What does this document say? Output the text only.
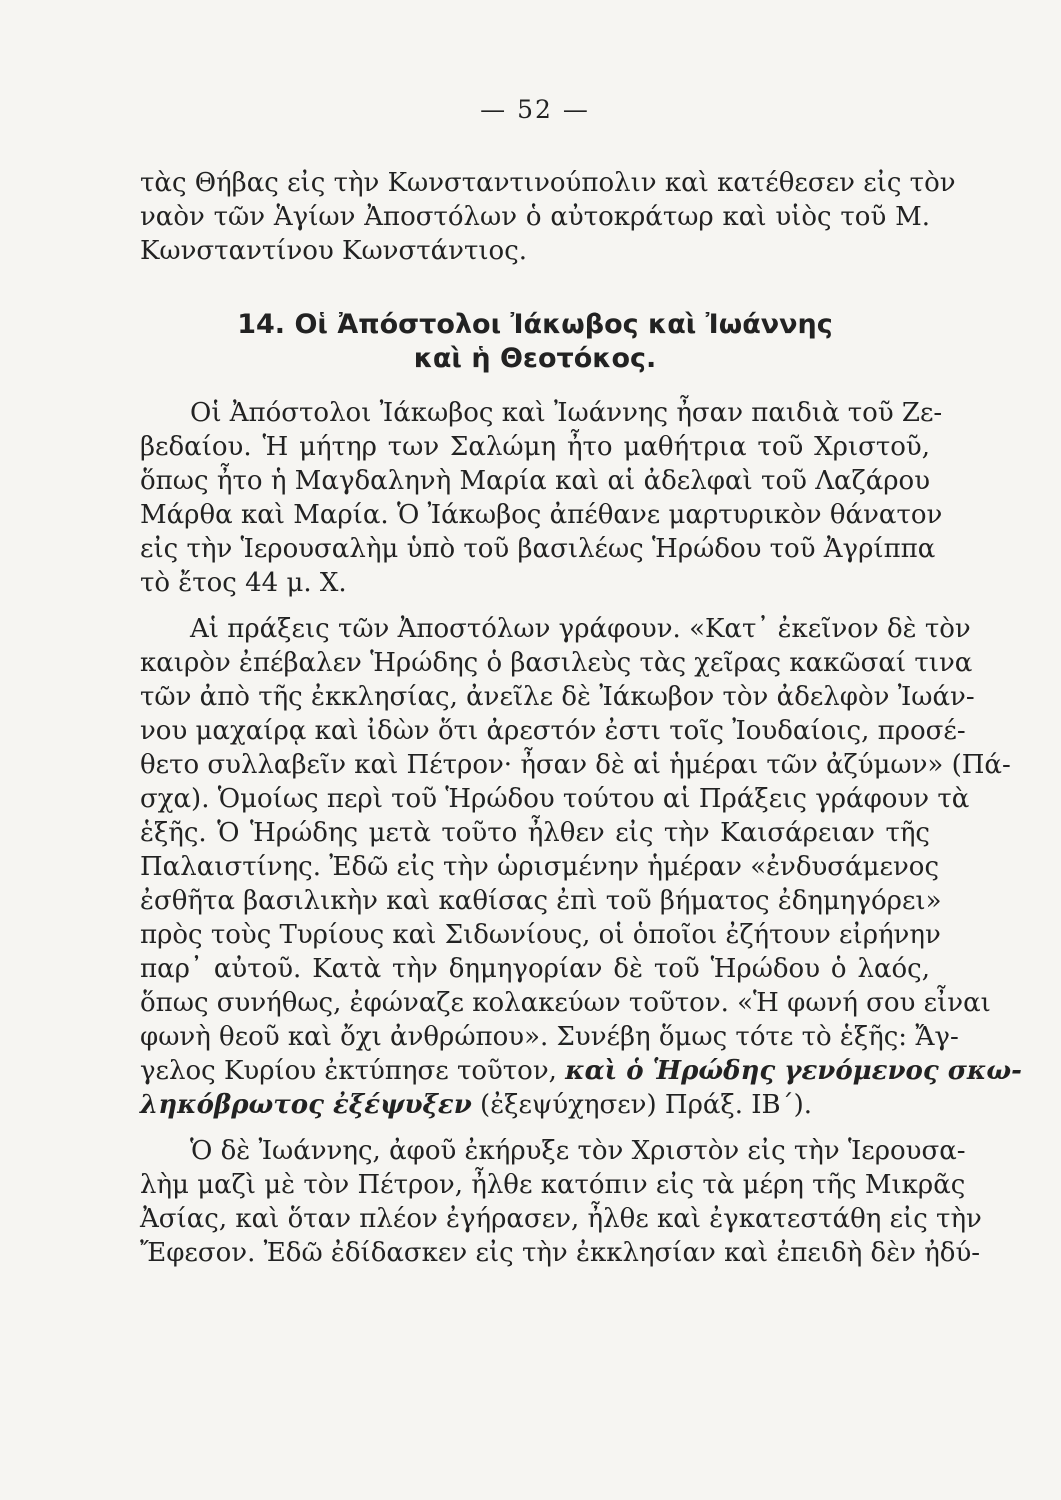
— 52 —
τὰς Θήβας εἰς τὴν Κωνσταντινούπολιν καὶ κατέθεσεν εἰς τὸν
ναὸν τῶν Ἁγίων Ἀποστόλων ὁ αὐτοκράτωρ καὶ υἱὸς τοῦ Μ.
Κωνσταντίνου Κωνστάντιος.
14. Οἱ Ἀπόστολοι Ἰάκωβος καὶ Ἰωάννης
καὶ ἡ Θεοτόκος.
Οἱ Ἀπόστολοι Ἰάκωβος καὶ Ἰωάννης ἦσαν παιδιὰ τοῦ Ζε-
βεδαίου. Ἡ μήτηρ των Σαλώμη ἦτο μαθήτρια τοῦ Χριστοῦ,
ὅπως ἦτο ἡ Μαγδαληνὴ Μαρία καὶ αἱ ἀδελφαὶ τοῦ Λαζάρου
Μάρθα καὶ Μαρία. Ὁ Ἰάκωβος ἀπέθανε μαρτυρικὸν θάνατον
εἰς τὴν Ἱερουσαλὴμ ὑπὸ τοῦ βασιλέως Ἡρώδου τοῦ Ἀγρίππα
τὸ ἔτος 44 μ. Χ.
Αἱ πράξεις τῶν Ἀποστόλων γράφουν. «Κατ᾽ ἐκεῖνον δὲ τὸν
καιρὸν ἐπέβαλεν Ἡρώδης ὁ βασιλεὺς τὰς χεῖρας κακῶσαί τινα
τῶν ἀπὸ τῆς ἐκκλησίας, ἀνεῖλε δὲ Ἰάκωβον τὸν ἀδελφὸν Ἰωάν-
νου μαχαίρᾳ καὶ ἰδὼν ὅτι ἀρεστόν ἐστι τοῖς Ἰουδαίοις, προσέ-
θετο συλλαβεῖν καὶ Πέτρον· ἦσαν δὲ αἱ ἡμέραι τῶν ἀζύμων» (Πά-
σχα). Ὁμοίως περὶ τοῦ Ἡρώδου τούτου αἱ Πράξεις γράφουν τὰ
ἑξῆς. Ὁ Ἡρώδης μετὰ τοῦτο ἦλθεν εἰς τὴν Καισάρειαν τῆς
Παλαιστίνης. Ἐδῶ εἰς τὴν ὡρισμένην ἡμέραν «ἐνδυσάμενος
ἐσθῆτα βασιλικὴν καὶ καθίσας ἐπὶ τοῦ βήματος ἐδημηγόρει»
πρὸς τοὺς Τυρίους καὶ Σιδωνίους, οἱ ὁποῖοι ἐζήτουν εἰρήνην
παρ᾽ αὐτοῦ. Κατὰ τὴν δημηγορίαν δὲ τοῦ Ἡρώδου ὁ λαός,
ὅπως συνήθως, ἐφώναζε κολακεύων τοῦτον. «Ἡ φωνή σου εἶναι
φωνὴ θεοῦ καὶ ὄχι ἀνθρώπου». Συνέβη ὅμως τότε τὸ ἑξῆς: Ἄγ-
γελος Κυρίου ἐκτύπησε τοῦτον, καὶ ὁ Ἡρώδης γενόμενος σκω-
ληκόβρωτος ἐξέψυξεν (ἐξεψύχησεν) Πράξ. ΙΒ΄).
Ὁ δὲ Ἰωάννης, ἀφοῦ ἐκήρυξε τὸν Χριστὸν εἰς τὴν Ἱερουσα-
λὴμ μαζὶ μὲ τὸν Πέτρον, ἦλθε κατόπιν εἰς τὰ μέρη τῆς Μικρᾶς
Ἀσίας, καὶ ὅταν πλέον ἐγήρασεν, ἦλθε καὶ ἐγκατεστάθη εἰς τὴν
Ἔφεσον. Ἐδῶ ἐδίδασκεν εἰς τὴν ἐκκλησίαν καὶ ἐπειδὴ δὲν ἠδύ-
